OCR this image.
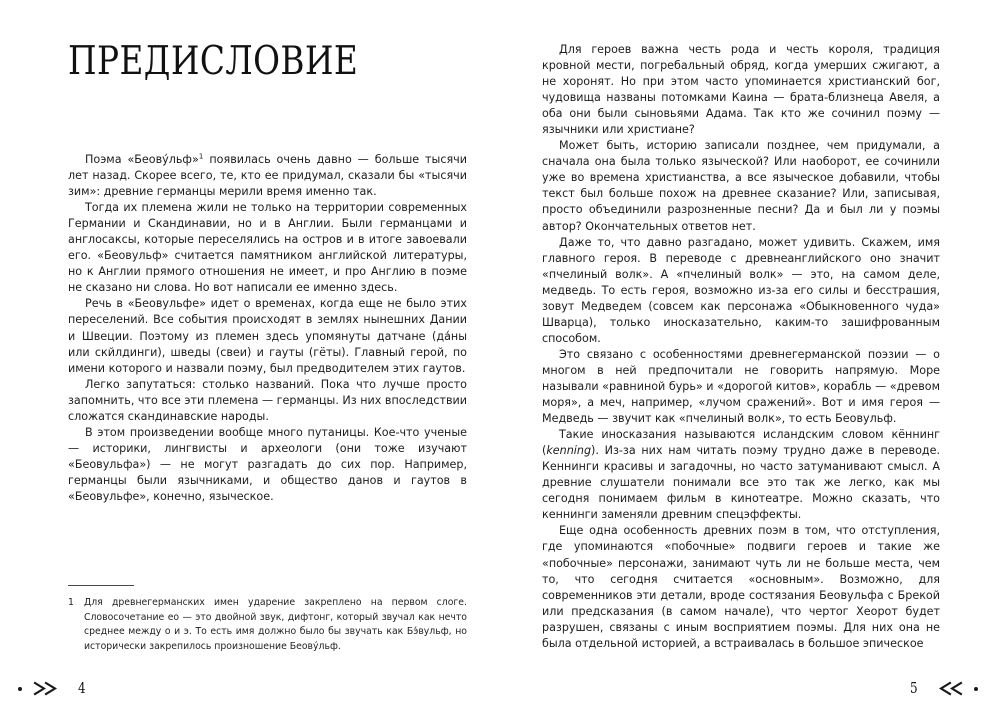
ПРЕДИСЛОВИЕ

Поэма «Беову́льф»$^1$ появилась очень давно — больше тысячи лет назад. Скорее всего, те, кто ее придумал, сказали бы «тысячи зим»: древние германцы мерили время именно так.

Тогда их племена жили не только на территории современных Германии и Скандинавии, но и в Англии. Были германцами и англосаксы, которые переселялись на остров и в итоге завоевали его. «Беовульф» считается памятником английской литературы, но к Англии прямого отношения не имеет, и про Англию в поэме не сказано ни слова. Но вот написали ее именно здесь.

Речь в «Беовульфе» идет о временах, когда еще не было этих переселений. Все события происходят в землях нынешних Дании и Швеции. Поэтому из племен здесь упомянуты датчане (да́ны или скйлдинги), шведы (свеи) и гауты (гёты). Главный герой, по имени которого и назвали поэму, был предводителем этих гаутов.

Легко запутаться: столько названий. Пока что лучше просто запомнить, что все эти племена — германцы. Из них впоследствии сложатся скандинавские народы.

В этом произведении вообще много путаницы. Кое-что ученые — историки, лингвисты и археологи (они тоже изучают «Беовульфа») — не могут разгадать до сих пор. Например, германцы были язычниками, и общество данов и гаутов в «Беовульфе», конечно, языческое.

1	Для древнегерманских имен ударение закреплено на первом слоге. Словосочетание ео — это двойной звук, дифтонг, который звучал как нечто среднее между о и э. То есть имя должно было бы звучать как Бэ́вульф, но исторически закрепилось произношение Беову́льф.
4

Для героев важна честь рода и честь короля, традиция кровной мести, погребальный обряд, когда умерших сжигают, а не хоронят. Но при этом часто упоминается христианский бог, чудовища названы потомками Каина — брата-близнеца Авеля, а оба они были сыновьями Адама. Так кто же сочинил поэму — язычники или христиане?

Может быть, историю записали позднее, чем придумали, а сначала она была только языческой? Или наоборот, ее сочинили уже во времена христианства, а все языческое добавили, чтобы текст был больше похож на древнее сказание? Или, записывая, просто объединили разрозненные песни? Да и был ли у поэмы автор? Окончательных ответов нет.

Даже то, что давно разгадано, может удивить. Скажем, имя главного героя. В переводе с древнеанглийского оно значит «пчелиный волк». А «пчелиный волк» — это, на самом деле, медведь. То есть героя, возможно из-за его силы и бесстрашия, зовут Медведем (совсем как персонажа «Обыкновенного чуда» Шварца), только иносказательно, каким-то зашифрованным способом.

Это связано с особенностями древнегерманской поэзии — о многом в ней предпочитали не говорить напрямую. Море называли «равниной бурь» и «дорогой китов», корабль — «древом моря», а меч, например, «лучом сражений». Вот и имя героя — Медведь — звучит как «пчелиный волк», то есть Беовульф.

Такие иносказания называются исландским словом кённинг (kenning). Из-за них нам читать поэму трудно даже в переводе. Кеннинги красивы и загадочны, но часто затуманивают смысл. А древние слушатели понимали все это так же легко, как мы сегодня понимаем фильм в кинотеатре. Можно сказать, что кеннинги заменяли древним спецэффекты.

Еще одна особенность древних поэм в том, что отступления, где упоминаются «побочные» подвиги героев и такие же «побочные» персонажи, занимают чуть ли не больше места, чем то, что сегодня считается «основным». Возможно, для современников эти детали, вроде состязания Беовульфа с Брекой или предсказания (в самом начале), что чертог Хеорот будет разрушен, связаны с иным восприятием поэмы. Для них она не была отдельной историей, а встраивалась в большое эпическое

5
